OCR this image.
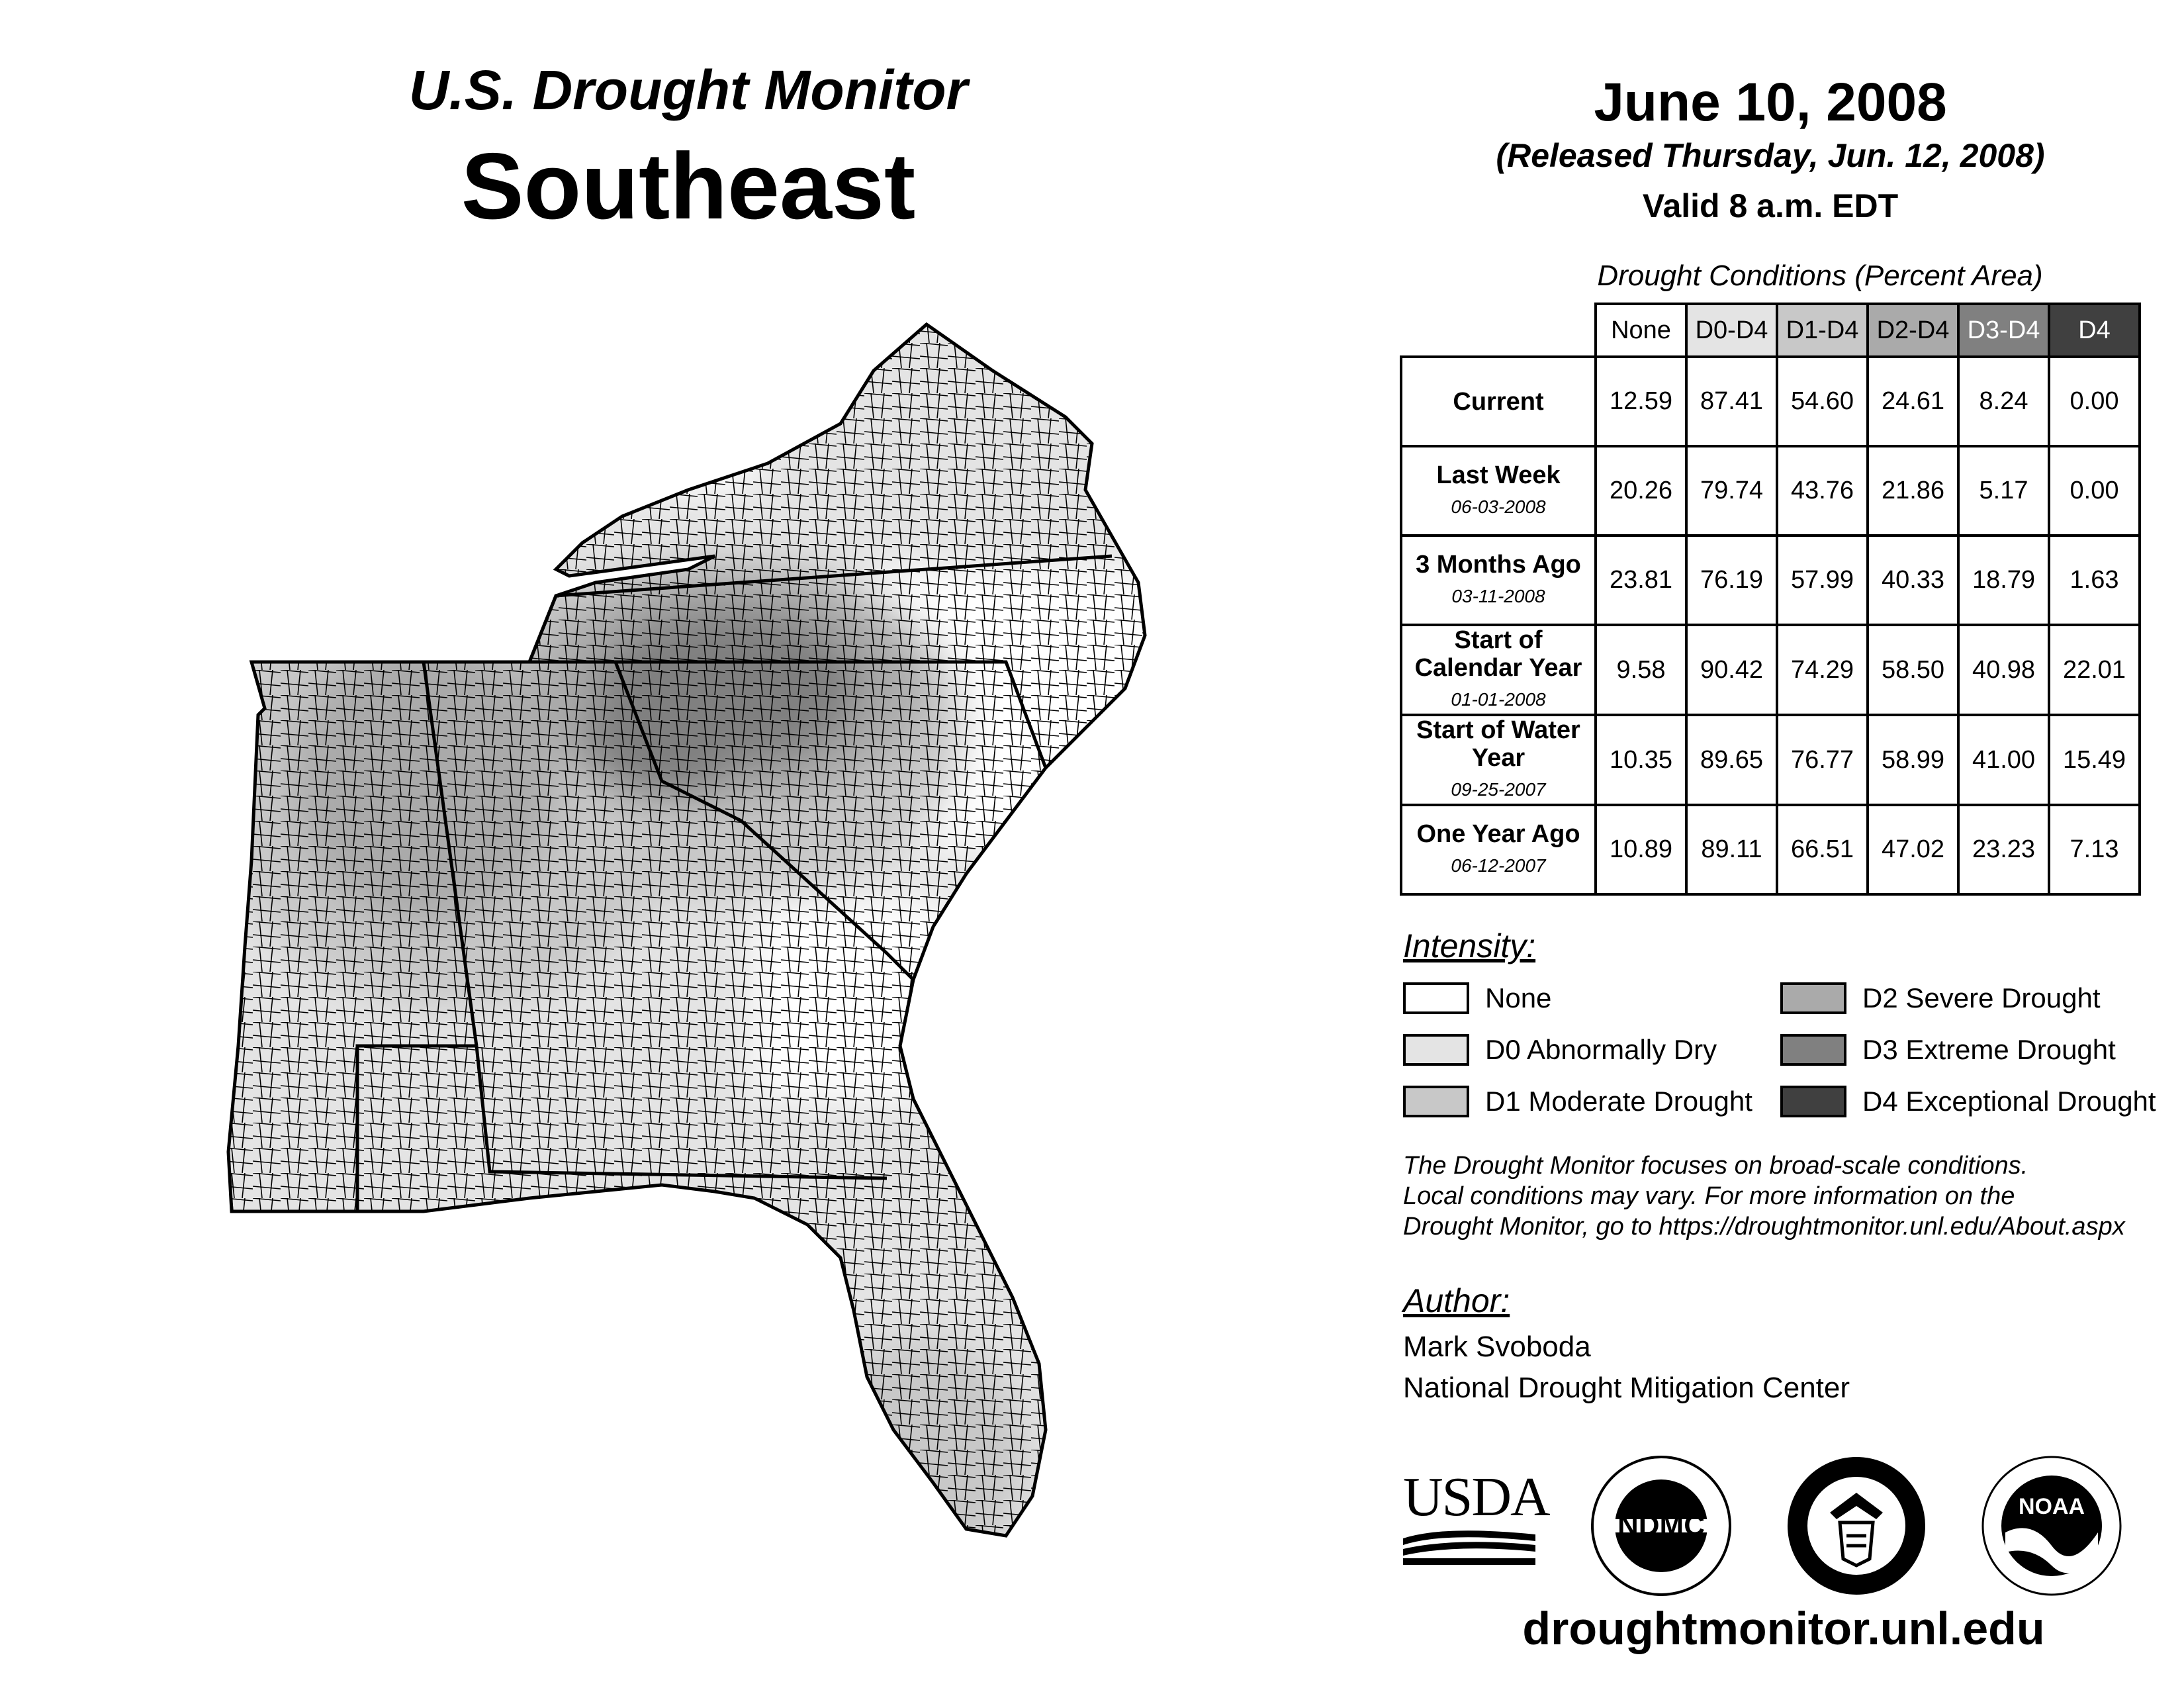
U.S. Drought Monitor
Southeast
June 10, 2008
(Released Thursday, Jun. 12, 2008)
Valid 8 a.m. EDT
Drought Conditions (Percent Area)
	None	D0-D4	D1-D4	D2-D4	D3-D4	D4
Current	12.59	87.41	54.60	24.61	8.24	0.00
Last Week
06-03-2008	20.26	79.74	43.76	21.86	5.17	0.00
3 Months Ago
03-11-2008	23.81	76.19	57.99	40.33	18.79	1.63
Start of Calendar Year
01-01-2008	9.58	90.42	74.29	58.50	40.98	22.01
Start of Water Year
09-25-2007	10.35	89.65	76.77	58.99	41.00	15.49
One Year Ago
06-12-2007	10.89	89.11	66.51	47.02	23.23	7.13
Intensity:
None
D0 Abnormally Dry
D1 Moderate Drought
D2 Severe Drought
D3 Extreme Drought
D4 Exceptional Drought
The Drought Monitor focuses on broad-scale conditions.
Local conditions may vary. For more information on the
Drought Monitor, go to https://droughtmonitor.unl.edu/About.aspx
Author:
Mark Svoboda
National Drought Mitigation Center
USDA NDMC
NOAA
droughtmonitor.unl.edu
